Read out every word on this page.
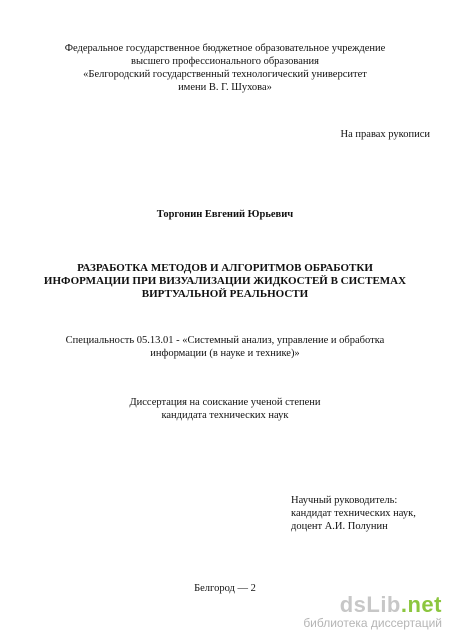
Федеральное государственное бюджетное образовательное учреждение
высшего профессионального образования
«Белгородский государственный технологический университет
имени В. Г. Шухова»
На правах рукописи
Торгонин Евгений Юрьевич
РАЗРАБОТКА МЕТОДОВ И АЛГОРИТМОВ ОБРАБОТКИ
ИНФОРМАЦИИ ПРИ ВИЗУАЛИЗАЦИИ ЖИДКОСТЕЙ В СИСТЕМАХ
ВИРТУАЛЬНОЙ РЕАЛЬНОСТИ
Специальность 05.13.01 - «Системный анализ, управление и обработка
информации (в науке и технике)»
Диссертация на соискание ученой степени
кандидата технических наук
Научный руководитель:
кандидат технических наук,
доцент А.И. Полунин
Белгород — 2
dsLib.net
библиотека диссертаций
